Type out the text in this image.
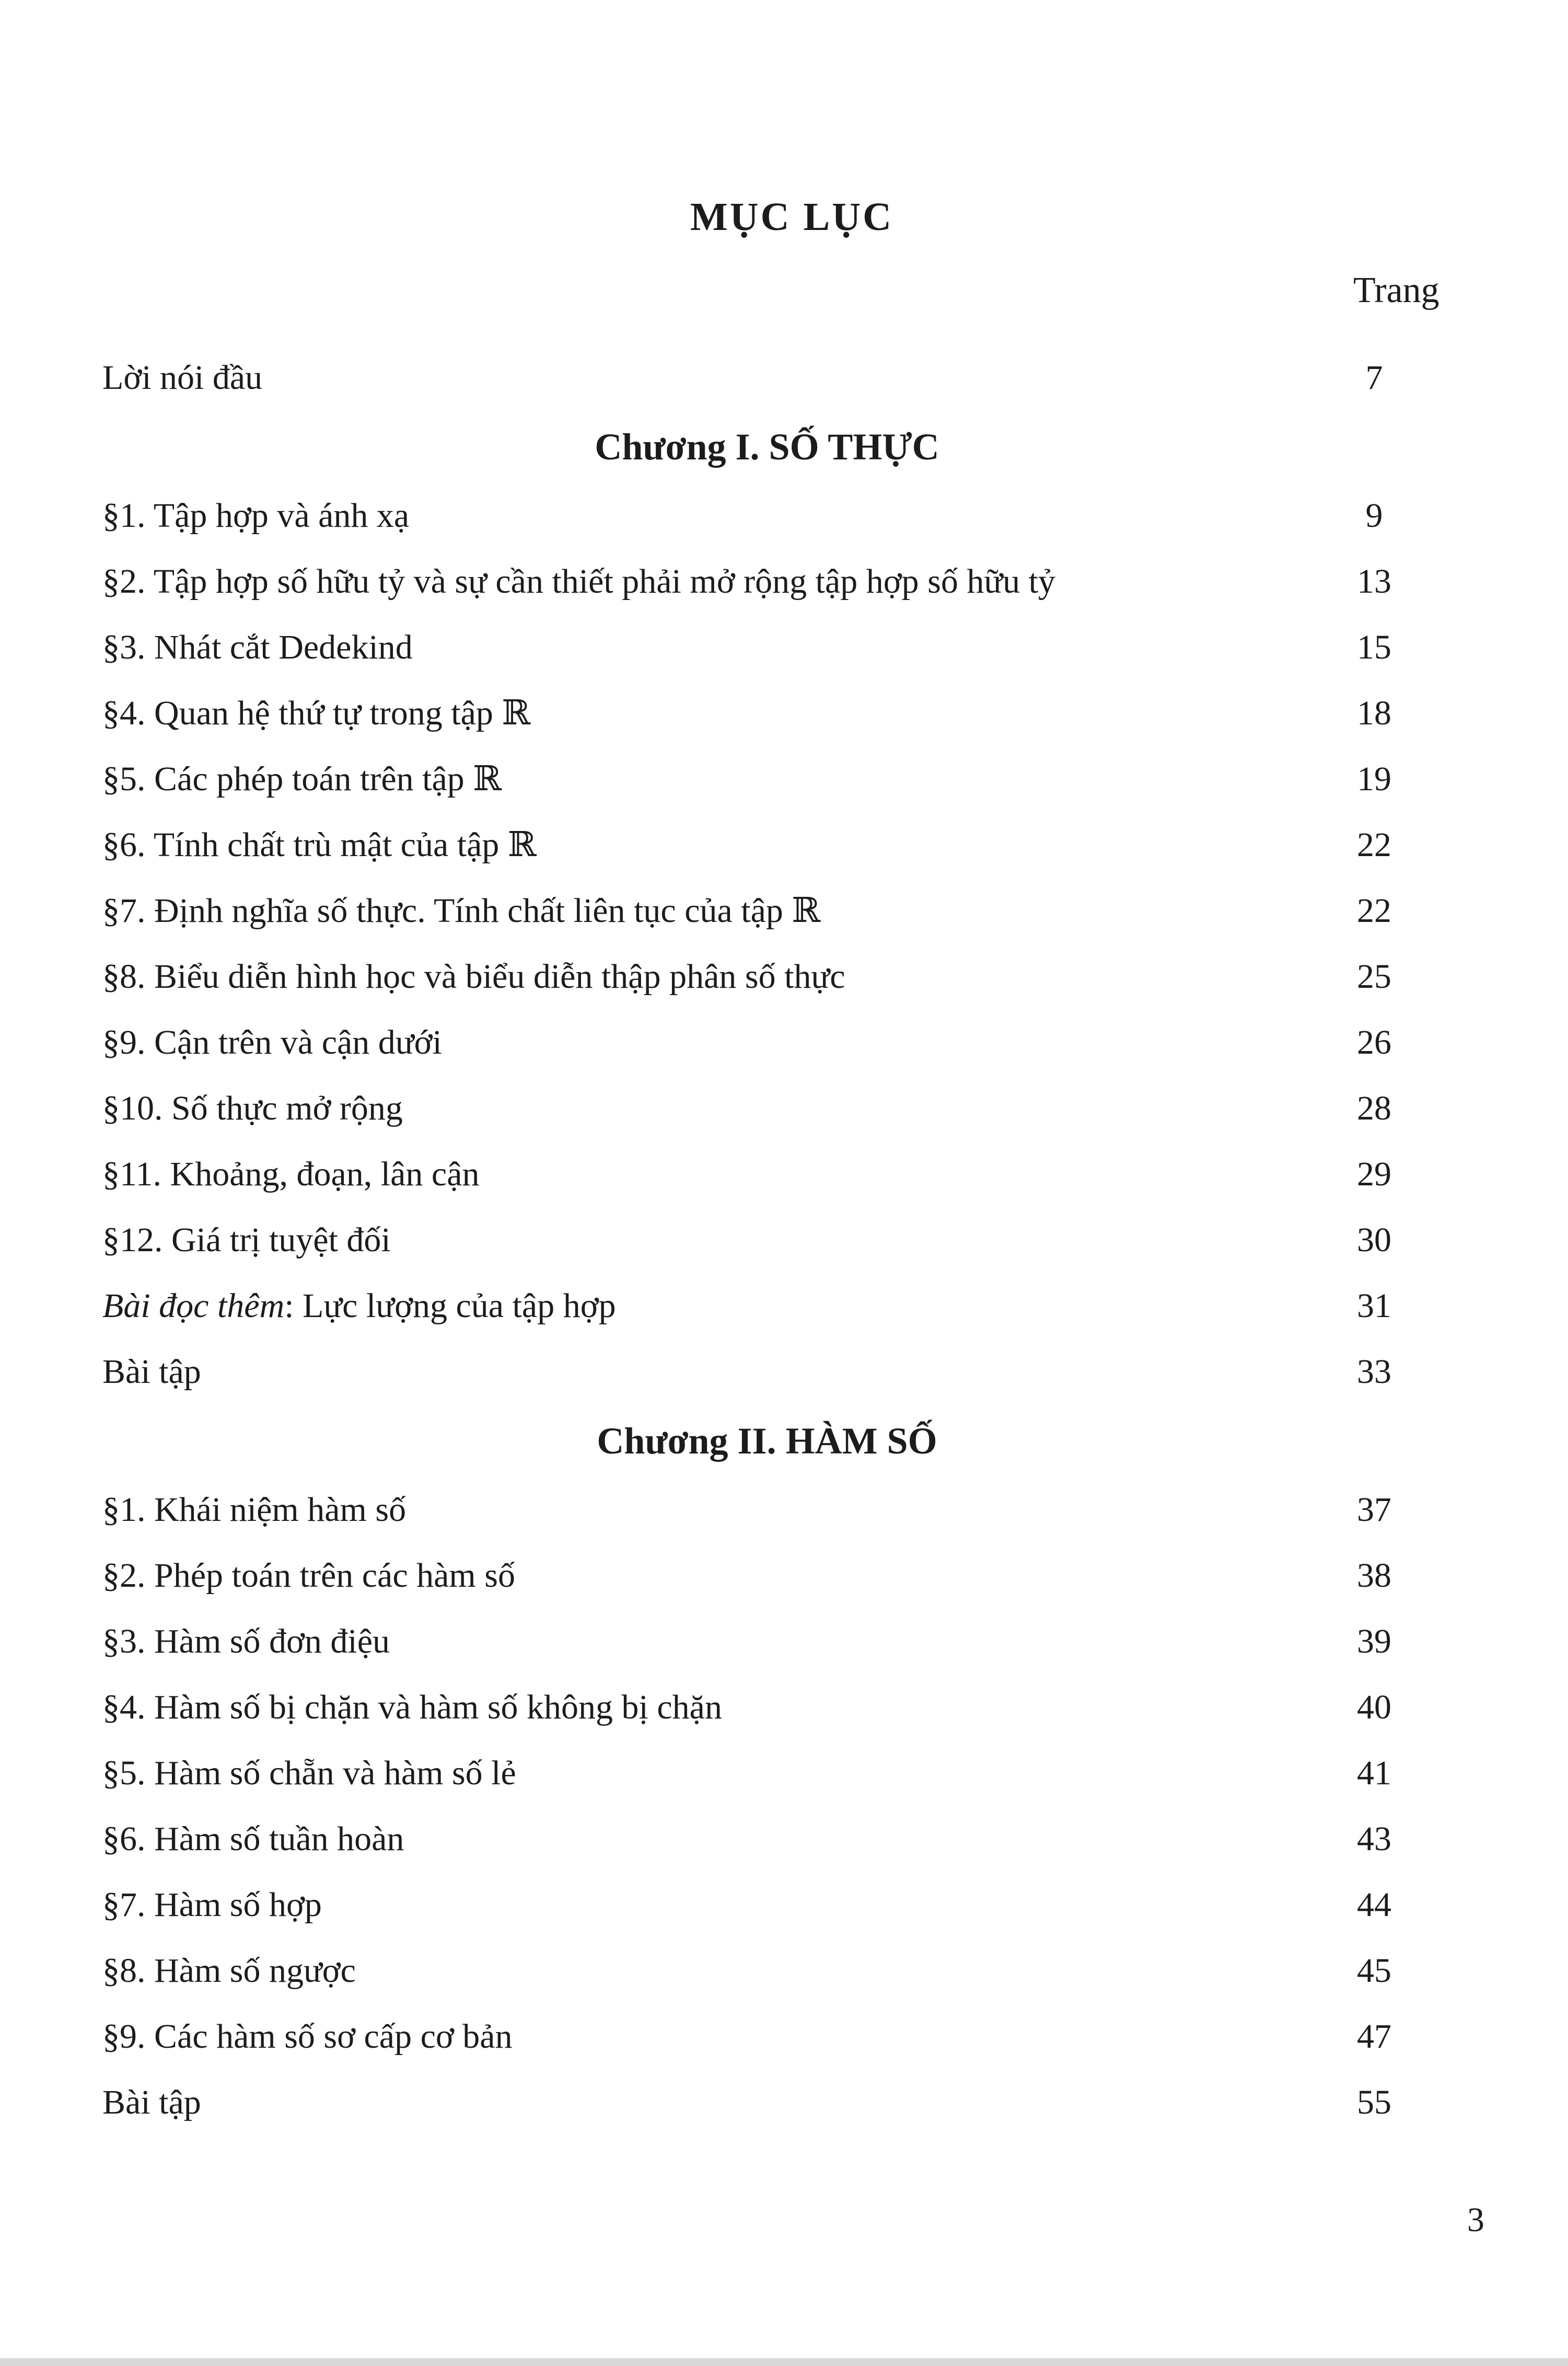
MỤC LỤC
Trang
Lời nói đầu	7
Chương I. SỐ THỰC
§1. Tập hợp và ánh xạ	9
§2. Tập hợp số hữu tỷ và sự cần thiết phải mở rộng tập hợp số hữu tỷ	13
§3. Nhát cắt Dedekind	15
§4. Quan hệ thứ tự trong tập ℝ	18
§5. Các phép toán trên tập ℝ	19
§6. Tính chất trù mật của tập ℝ	22
§7. Định nghĩa số thực. Tính chất liên tục của tập ℝ	22
§8. Biểu diễn hình học và biểu diễn thập phân số thực	25
§9. Cận trên và cận dưới	26
§10. Số thực mở rộng	28
§11. Khoảng, đoạn, lân cận	29
§12. Giá trị tuyệt đối	30
Bài đọc thêm: Lực lượng của tập hợp	31
Bài tập	33
Chương II. HÀM SỐ
§1. Khái niệm hàm số	37
§2. Phép toán trên các hàm số	38
§3. Hàm số đơn điệu	39
§4. Hàm số bị chặn và hàm số không bị chặn	40
§5. Hàm số chẵn và hàm số lẻ	41
§6. Hàm số tuần hoàn	43
§7. Hàm số hợp	44
§8. Hàm số ngược	45
§9. Các hàm số sơ cấp cơ bản	47
Bài tập	55
3
